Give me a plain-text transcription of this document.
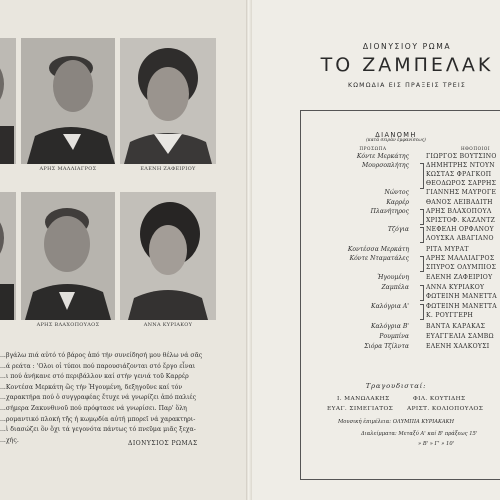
ΑΡΗΣ ΜΑΛΛΙΑΓΡΟΣ	ΕΛΕΝΗ ΖΑΦΕΙΡΙΟΥ
ΑΡΗΣ ΒΛΑΧΟΠΟΥΛΟΣ	ΑΝΝΑ ΚΥΡΙΑΚΟΥ

...βγάλω πιά αὐτό τό βάρος ἀπό τήν συνείδησή μου θέλω νά σᾶς

...ά ρεάτα : 'Ολοι οἱ τύποι πού παρουσιάζονται στό ἔργο εἶναι

...ι πού ἀνήκανε στό περιβάλλον καί στήν γενιά τοῦ Καρρέρ

...Κοντέσα Μερκάτη ὣς τήν Ἠγουμένη, δεξηγοῦνε καί τόν

...χαρακτήρα πού ὁ συγγραφέας ἔτυχε νά γνωρίζει ἀπό παλιές

...σήμερα Ζακυνθινοῦ πού πρόφτασε νά γνωρίσει. Παρ' ὅλη

...ρομαντικό πλοκή τῆς ἡ κωμῳδία αὐτή μπορεῖ νά χαρακτηρι-

...ὶ διασώζει ὂν ὄχι τά γεγονότα πάντως τό πνεῦμα μιᾶς ξεχα-

...χής.	ΔΙΟΝΥΣΙΟΣ ΡΩΜΑΣ
ΔΙΟΝΥΣΙΟΥ ΡΩΜΑ
ΤΟ ΖΑΜΠΕΛΑΚ
ΚΩΜΩΔΙΑ ΕΙΣ ΠΡΑΞΕΙΣ ΤΡΕΙΣ
ΔΙΑΝΟΜΗ
(κατά σειρὰν ἐμφανίσεως)
ΠΡΟΣΩΠΑ	ΗΘΟΠΟΙΟΙ
Κόντε Μερκάτης	ΓΙΩΡΓΟΣ ΒΟΥΤΣΙΝΟ
Μουρσοπλήτης	ΔΗΜΗΤΡΗΣ ΝΤΟΥΝ
ΚΩΣΤΑΣ ΦΡΑΓΚΟΠ
ΘΕΟΔΩΡΟΣ ΣΑΡΡΗΣ
Νώντος	ΓΙΑΝΝΗΣ ΜΑΥΡΟΓΕ
Καρρέρ	ΘΑΝΟΣ ΛΕΙΒΑΔΙΤΗ
Πλανήτηρος	ΑΡΗΣ ΒΛΑΧΟΠΟΥΛ
ΧΡΙΣΤΟΦ. ΚΑΖΑΝΤΖ
Τζόγια	ΝΕΦΕΛΗ ΟΡΦΑΝΟΥ
ΛΟΥΣΚΑ ΑΒΑΓΙΑΝΟ
Κοντέσσα Μερκάτη	ΡΙΤΑ ΜΥΡΑΤ
Κόντε Νταματάλες	ΑΡΗΣ ΜΑΛΛΙΑΓΡΟΣ
ΣΠΥΡΟΣ ΟΛΥΜΠΙΟΣ
Ἡγουμένη	ΕΛΕΝΗ ΖΑΦΕΙΡΙΟΥ
Ζαμπέλα	ΑΝΝΑ ΚΥΡΙΑΚΟΥ
ΦΩΤΕΙΝΗ ΜΑΝΕΤΤΑ
Καλόγρια Α'	ΦΩΤΕΙΝΗ ΜΑΝΕΤΤΑ
Κ. ΡΟΥΓΓΕΡΗ
Καλόγρια Β'	ΒΑΝΤΑ ΚΑΡΑΚΑΣ
Ρουμπίνα	ΕΥΑΓΓΕΛΙΑ ΣΑΜΒΩ
Σιόρα Τζίλντα	ΕΛΕΝΗ ΧΑΛΚΟΥΣΙ
Τραγουδισταί:
Ι. ΜΑΝΩΛΑΚΗΣ	ΦΙΛ. ΚΟΥΤΙΔΗΣ
ΕΥΑΓ. ΣΙΜΕΓΙΑΤΟΣ ΑΡΙΣΤ. ΚΟΛΙΟΠΟΥΛΟΣ
Μουσική ἐπιμέλεια: ΟΛΥΜΠΙΑ ΚΥΡΙΑΚΑΚΗ
Διαλείμματα: Μεταξύ Α' καί Β' πράξεως 15'
» Β' » Γ' » 10'
